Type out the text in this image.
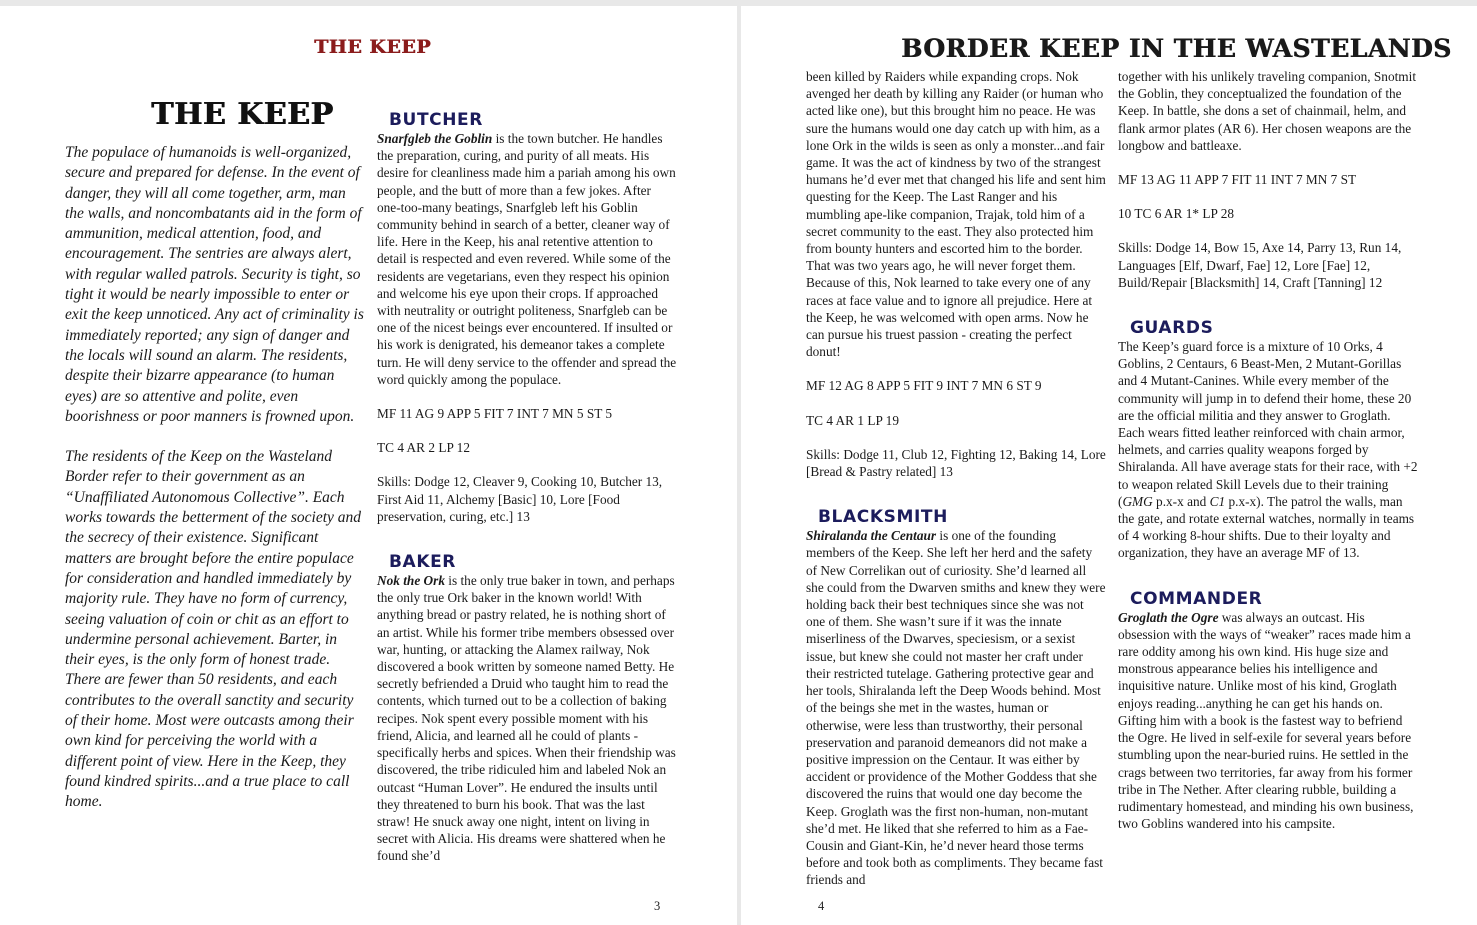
THE KEEP
THE KEEP

The populace of humanoids is well-organized, secure and prepared for defense. In the event of danger, they will all come together, arm, man the walls, and noncombatants aid in the form of ammunition, medical attention, food, and encouragement. The sentries are always alert, with regular walled patrols. Security is tight, so tight it would be nearly impossible to enter or exit the keep unnoticed. Any act of criminality is immediately reported; any sign of danger and the locals will sound an alarm. The residents, despite their bizarre appearance (to human eyes) are so attentive and polite, even boorishness or poor manners is frowned upon.

The residents of the Keep on the Wasteland Border refer to their government as an “Unaffiliated Autonomous Collective”. Each works towards the betterment of the society and the secrecy of their existence. Significant matters are brought before the entire populace for consideration and handled immediately by majority rule. They have no form of currency, seeing valuation of coin or chit as an effort to undermine personal achievement. Barter, in their eyes, is the only form of honest trade. There are fewer than 50 residents, and each contributes to the overall sanctity and security of their home. Most were outcasts among their own kind for perceiving the world with a different point of view. Here in the Keep, they found kindred spirits...and a true place to call home.

BUTCHER

Snarfgleb the Goblin is the town butcher. He handles the preparation, curing, and purity of all meats. His desire for cleanliness made him a pariah among his own people, and the butt of more than a few jokes. After one-too-many beatings, Snarfgleb left his Goblin community behind in search of a better, cleaner way of life. Here in the Keep, his anal retentive attention to detail is respected and even revered. While some of the residents are vegetarians, even they respect his opinion and welcome his eye upon their crops. If approached with neutrality or outright politeness, Snarfgleb can be one of the nicest beings ever encountered. If insulted or his work is denigrated, his demeanor takes a complete turn. He will deny service to the offender and spread the word quickly among the populace.

MF 11 AG 9 APP 5 FIT 7 INT 7 MN 5 ST 5

TC 4 AR 2 LP 12

Skills: Dodge 12, Cleaver 9, Cooking 10, Butcher 13, First Aid 11, Alchemy [Basic] 10, Lore [Food preservation, curing, etc.] 13

BAKER

Nok the Ork is the only true baker in town, and perhaps the only true Ork baker in the known world! With anything bread or pastry related, he is nothing short of an artist. While his former tribe members obsessed over war, hunting, or attacking the Alamex railway, Nok discovered a book written by someone named Betty. He secretly befriended a Druid who taught him to read the contents, which turned out to be a collection of baking recipes. Nok spent every possible moment with his friend, Alicia, and learned all he could of plants - specifically herbs and spices. When their friendship was discovered, the tribe ridiculed him and labeled Nok an outcast “Human Lover”. He endured the insults until they threatened to burn his book. That was the last straw! He snuck away one night, intent on living in secret with Alicia. His dreams were shattered when he found she’d

3
BORDER KEEP IN THE WASTELANDS

been killed by Raiders while expanding crops. Nok avenged her death by killing any Raider (or human who acted like one), but this brought him no peace. He was sure the humans would one day catch up with him, as a lone Ork in the wilds is seen as only a monster...and fair game. It was the act of kindness by two of the strangest humans he’d ever met that changed his life and sent him questing for the Keep. The Last Ranger and his mumbling ape-like companion, Trajak, told him of a secret community to the east. They also protected him from bounty hunters and escorted him to the border. That was two years ago, he will never forget them. Because of this, Nok learned to take every one of any races at face value and to ignore all prejudice. Here at the Keep, he was welcomed with open arms. Now he can pursue his truest passion - creating the perfect donut!

MF 12 AG 8 APP 5 FIT 9 INT 7 MN 6 ST 9

TC 4 AR 1 LP 19

Skills: Dodge 11, Club 12, Fighting 12, Baking 14, Lore [Bread & Pastry related] 13

BLACKSMITH

Shiralanda the Centaur is one of the founding members of the Keep. She left her herd and the safety of New Correlikan out of curiosity. She’d learned all she could from the Dwarven smiths and knew they were holding back their best techniques since she was not one of them. She wasn’t sure if it was the innate miserliness of the Dwarves, speciesism, or a sexist issue, but knew she could not master her craft under their restricted tutelage. Gathering protective gear and her tools, Shiralanda left the Deep Woods behind. Most of the beings she met in the wastes, human or otherwise, were less than trustworthy, their personal preservation and paranoid demeanors did not make a positive impression on the Centaur. It was either by accident or providence of the Mother Goddess that she discovered the ruins that would one day become the Keep. Groglath was the first non-human, non-mutant she’d met. He liked that she referred to him as a Fae-Cousin and Giant-Kin, he’d never heard those terms before and took both as compliments. They became fast friends and

together with his unlikely traveling companion, Snotmit the Goblin, they conceptualized the foundation of the Keep. In battle, she dons a set of chainmail, helm, and flank armor plates (AR 6). Her chosen weapons are the longbow and battleaxe.

MF 13 AG 11 APP 7 FIT 11 INT 7 MN 7 ST

10 TC 6 AR 1* LP 28

Skills: Dodge 14, Bow 15, Axe 14, Parry 13, Run 14, Languages [Elf, Dwarf, Fae] 12, Lore [Fae] 12, Build/Repair [Blacksmith] 14, Craft [Tanning] 12

GUARDS

The Keep’s guard force is a mixture of 10 Orks, 4 Goblins, 2 Centaurs, 6 Beast-Men, 2 Mutant-Gorillas and 4 Mutant-Canines. While every member of the community will jump in to defend their home, these 20 are the official militia and they answer to Groglath. Each wears fitted leather reinforced with chain armor, helmets, and carries quality weapons forged by Shiralanda. All have average stats for their race, with +2 to weapon related Skill Levels due to their training (GMG p.x-x and C1 p.x-x). The patrol the walls, man the gate, and rotate external watches, normally in teams of 4 working 8-hour shifts. Due to their loyalty and organization, they have an average MF of 13.

COMMANDER

Groglath the Ogre was always an outcast. His obsession with the ways of “weaker” races made him a rare oddity among his own kind. His huge size and monstrous appearance belies his intelligence and inquisitive nature. Unlike most of his kind, Groglath enjoys reading...anything he can get his hands on. Gifting him with a book is the fastest way to befriend the Ogre. He lived in self-exile for several years before stumbling upon the near-buried ruins. He settled in the crags between two territories, far away from his former tribe in The Nether. After clearing rubble, building a rudimentary homestead, and minding his own business, two Goblins wandered into his campsite.

4
